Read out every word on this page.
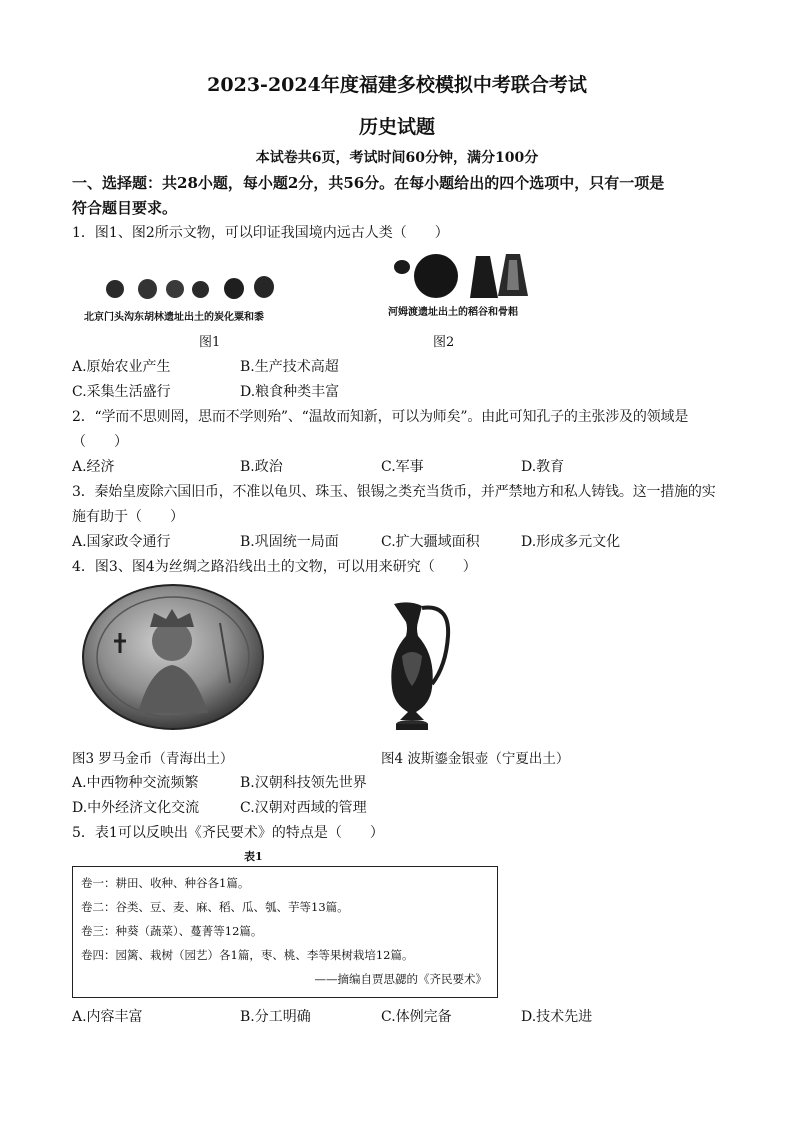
2023-2024年度福建多校模拟中考联合考试
历史试题
本试卷共6页，考试时间60分钟，满分100分
一、选择题：共28小题，每小题2分，共56分。在每小题给出的四个选项中，只有一项是
符合题目要求。
1．图1、图2所示文物，可以印证我国境内远古人类（　　）
北京门头沟东胡林遗址出土的炭化粟和黍	河姆渡遗址出土的稻谷和骨耜
图1	图2
A.原始农业产生	B.生产技术高超
C.采集生活盛行	D.粮食种类丰富
2．“学而不思则罔，思而不学则殆”、“温故而知新，可以为师矣”。由此可知孔子的主张涉及的领域是
（　　）
A.经济	B.政治	C.军事	D.教育
3．秦始皇废除六国旧币，不准以龟贝、珠玉、银锡之类充当货币，并严禁地方和私人铸钱。这一措施的实
施有助于（　　）
A.国家政令通行	B.巩固统一局面	C.扩大疆域面积	D.形成多元文化
4．图3、图4为丝绸之路沿线出土的文物，可以用来研究（　　）
图3 罗马金币（青海出土）	图4 波斯鎏金银壶（宁夏出土）
A.中西物种交流频繁	B.汉朝科技领先世界
D.中外经济文化交流	C.汉朝对西域的管理
5．表1可以反映出《齐民要术》的特点是（　　）
表1
卷一：耕田、收种、种谷各1篇。
卷二：谷类、豆、麦、麻、稻、瓜、瓠、芋等13篇。
卷三：种葵（蔬菜）、蔓菁等12篇。
卷四：园篱、栽树（园艺）各1篇，枣、桃、李等果树栽培12篇。
——摘编自贾思勰的《齐民要术》
A.内容丰富	B.分工明确	C.体例完备	D.技术先进
